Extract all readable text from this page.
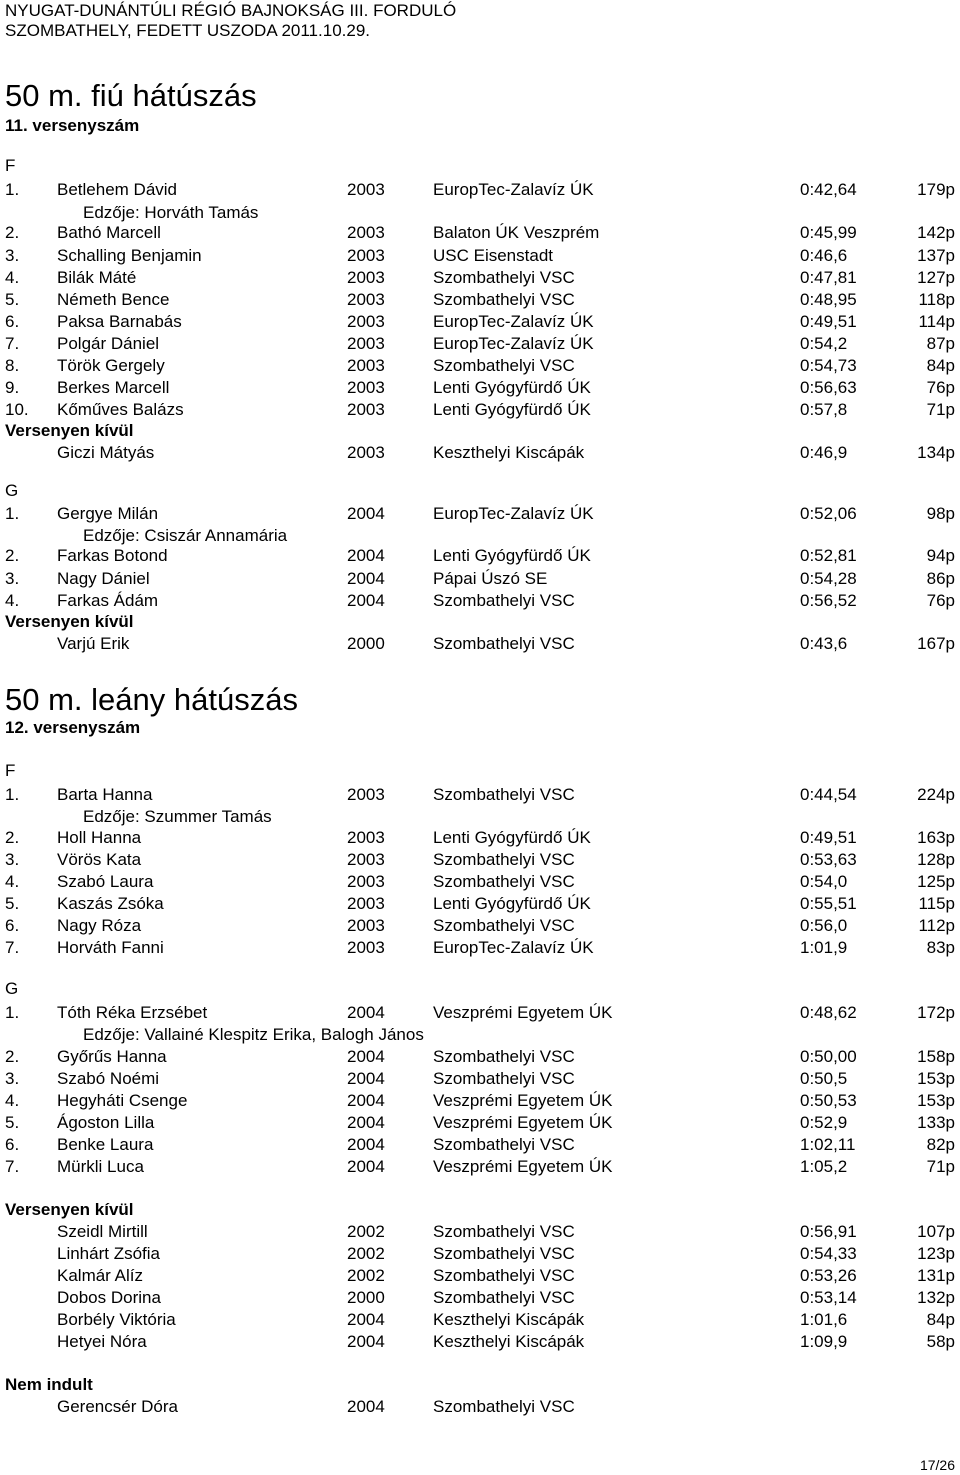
NYUGAT-DUNÁNTÚLI RÉGIÓ BAJNOKSÁG III. FORDULÓ
SZOMBATHELY, FEDETT USZODA 2011.10.29.
50 m. fiú hátúszás
11. versenyszám
F
1. Betlehem Dávid	2003	EuropTec-Zalavíz ÚK	0:42,64	179p
Edzője: Horváth Tamás
2. Bathó Marcell	2003	Balaton ÚK Veszprém	0:45,99	142p
3. Schalling Benjamin	2003	USC Eisenstadt	0:46,6	137p
4. Bilák Máté	2003	Szombathelyi VSC	0:47,81	127p
5. Németh Bence	2003	Szombathelyi VSC	0:48,95	118p
6. Paksa Barnabás	2003	EuropTec-Zalavíz ÚK	0:49,51	114p
7. Polgár Dániel	2003	EuropTec-Zalavíz ÚK	0:54,2	87p
8. Török Gergely	2003	Szombathelyi VSC	0:54,73	84p
9. Berkes Marcell	2003	Lenti Gyógyfürdő ÚK	0:56,63	76p
10. Kőműves Balázs	2003	Lenti Gyógyfürdő ÚK	0:57,8	71p
Versenyen kívül
Giczi Mátyás	2003	Keszthelyi Kiscápák	0:46,9	134p
G
1. Gergye Milán	2004	EuropTec-Zalavíz ÚK	0:52,06	98p
Edzője: Csiszár Annamária
2. Farkas Botond	2004	Lenti Gyógyfürdő ÚK	0:52,81	94p
3. Nagy Dániel	2004	Pápai Úszó SE	0:54,28	86p
4. Farkas Ádám	2004	Szombathelyi VSC	0:56,52	76p
Versenyen kívül
Varjú Erik	2000	Szombathelyi VSC	0:43,6	167p
50 m. leány hátúszás
12. versenyszám
F
1. Barta Hanna	2003	Szombathelyi VSC	0:44,54	224p
Edzője: Szummer Tamás
2. Holl Hanna	2003	Lenti Gyógyfürdő ÚK	0:49,51	163p
3. Vörös Kata	2003	Szombathelyi VSC	0:53,63	128p
4. Szabó Laura	2003	Szombathelyi VSC	0:54,0	125p
5. Kaszás Zsóka	2003	Lenti Gyógyfürdő ÚK	0:55,51	115p
6. Nagy Róza	2003	Szombathelyi VSC	0:56,0	112p
7. Horváth Fanni	2003	EuropTec-Zalavíz ÚK	1:01,9	83p
G
1. Tóth Réka Erzsébet	2004	Veszprémi Egyetem ÚK	0:48,62	172p
Edzője: Vallainé Klespitz Erika, Balogh János
2. Győrűs Hanna	2004	Szombathelyi VSC	0:50,00	158p
3. Szabó Noémi	2004	Szombathelyi VSC	0:50,5	153p
4. Hegyháti Csenge	2004	Veszprémi Egyetem ÚK	0:50,53	153p
5. Ágoston Lilla	2004	Veszprémi Egyetem ÚK	0:52,9	133p
6. Benke Laura	2004	Szombathelyi VSC	1:02,11	82p
7. Mürkli Luca	2004	Veszprémi Egyetem ÚK	1:05,2	71p
Versenyen kívül
Szeidl Mirtill	2002	Szombathelyi VSC	0:56,91	107p
Linhárt Zsófia	2002	Szombathelyi VSC	0:54,33	123p
Kalmár Alíz	2002	Szombathelyi VSC	0:53,26	131p
Dobos Dorina	2000	Szombathelyi VSC	0:53,14	132p
Borbély Viktória	2004	Keszthelyi Kiscápák	1:01,6	84p
Hetyei Nóra	2004	Keszthelyi Kiscápák	1:09,9	58p
Nem indult
Gerencsér Dóra	2004	Szombathelyi VSC
17/26
